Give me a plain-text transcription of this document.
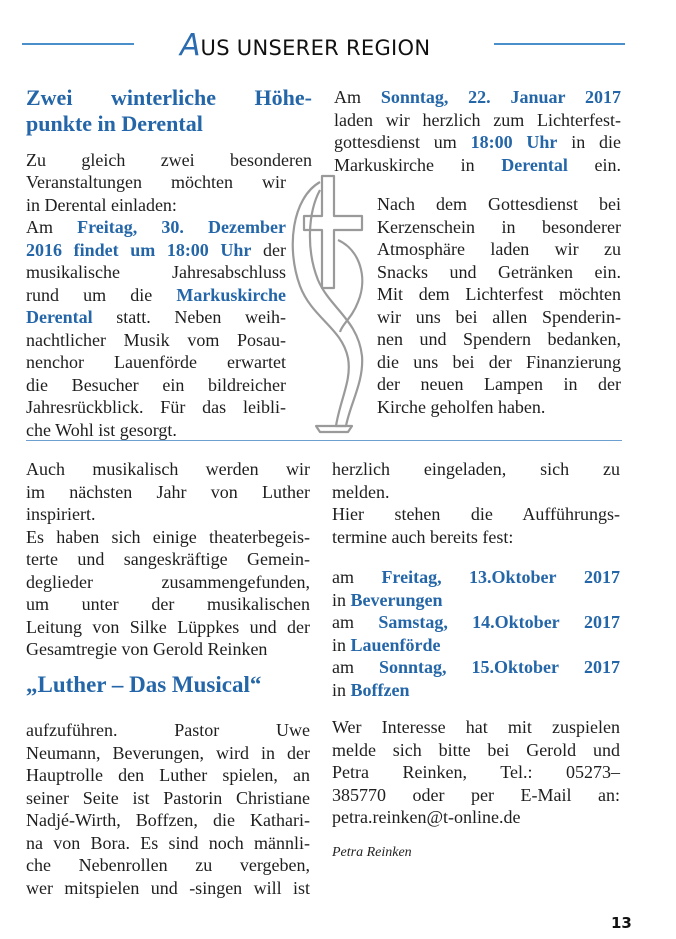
AUS UNSERER REGION

Zwei winterliche Höhe-

punkte in Derental

Zu gleich zwei besonderen

Veranstaltungen möchten wir

in Derental einladen:

Am Freitag, 30. Dezember

2016 findet um 18:00 Uhr der

musikalische Jahresabschluss

rund um die Markuskirche

Derental statt. Neben weih-

nachtlicher Musik vom Posau-

nenchor Lauenförde erwartet

die Besucher ein bildreicher

Jahresrückblick. Für das leibli-

che Wohl ist gesorgt.

Am Sonntag, 22. Januar 2017

laden wir herzlich zum Lichterfest-

gottesdienst um 18:00 Uhr in die

Markuskirche in Derental ein.

Nach dem Gottesdienst bei

Kerzenschein in besonderer

Atmosphäre laden wir zu

Snacks und Getränken ein.

Mit dem Lichterfest möchten

wir uns bei allen Spenderin-

nen und Spendern bedanken,

die uns bei der Finanzierung

der neuen Lampen in der

Kirche geholfen haben.

Auch musikalisch werden wir

im nächsten Jahr von Luther

inspiriert.

Es haben sich einige theaterbegeis-

terte und sangeskräftige Gemein-

deglieder zusammengefunden,

um unter der musikalischen

Leitung von Silke Lüppkes und der

Gesamtregie von Gerold Reinken

„Luther – Das Musical“

aufzuführen. Pastor Uwe

Neumann, Beverungen, wird in der

Hauptrolle den Luther spielen, an

seiner Seite ist Pastorin Christiane

Nadjé-Wirth, Boffzen, die Kathari-

na von Bora. Es sind noch männli-

che Nebenrollen zu vergeben,

wer mitspielen und -singen will ist

herzlich eingeladen, sich zu

melden.

Hier stehen die Aufführungs-

termine auch bereits fest:

am Freitag, 13.Oktober 2017

in Beverungen

am Samstag, 14.Oktober 2017

in Lauenförde

am Sonntag, 15.Oktober 2017

in Boffzen

Wer Interesse hat mit zuspielen

melde sich bitte bei Gerold und

Petra Reinken, Tel.: 05273–

385770 oder per E-Mail an:

petra.reinken@t-online.de

Petra Reinken
13
